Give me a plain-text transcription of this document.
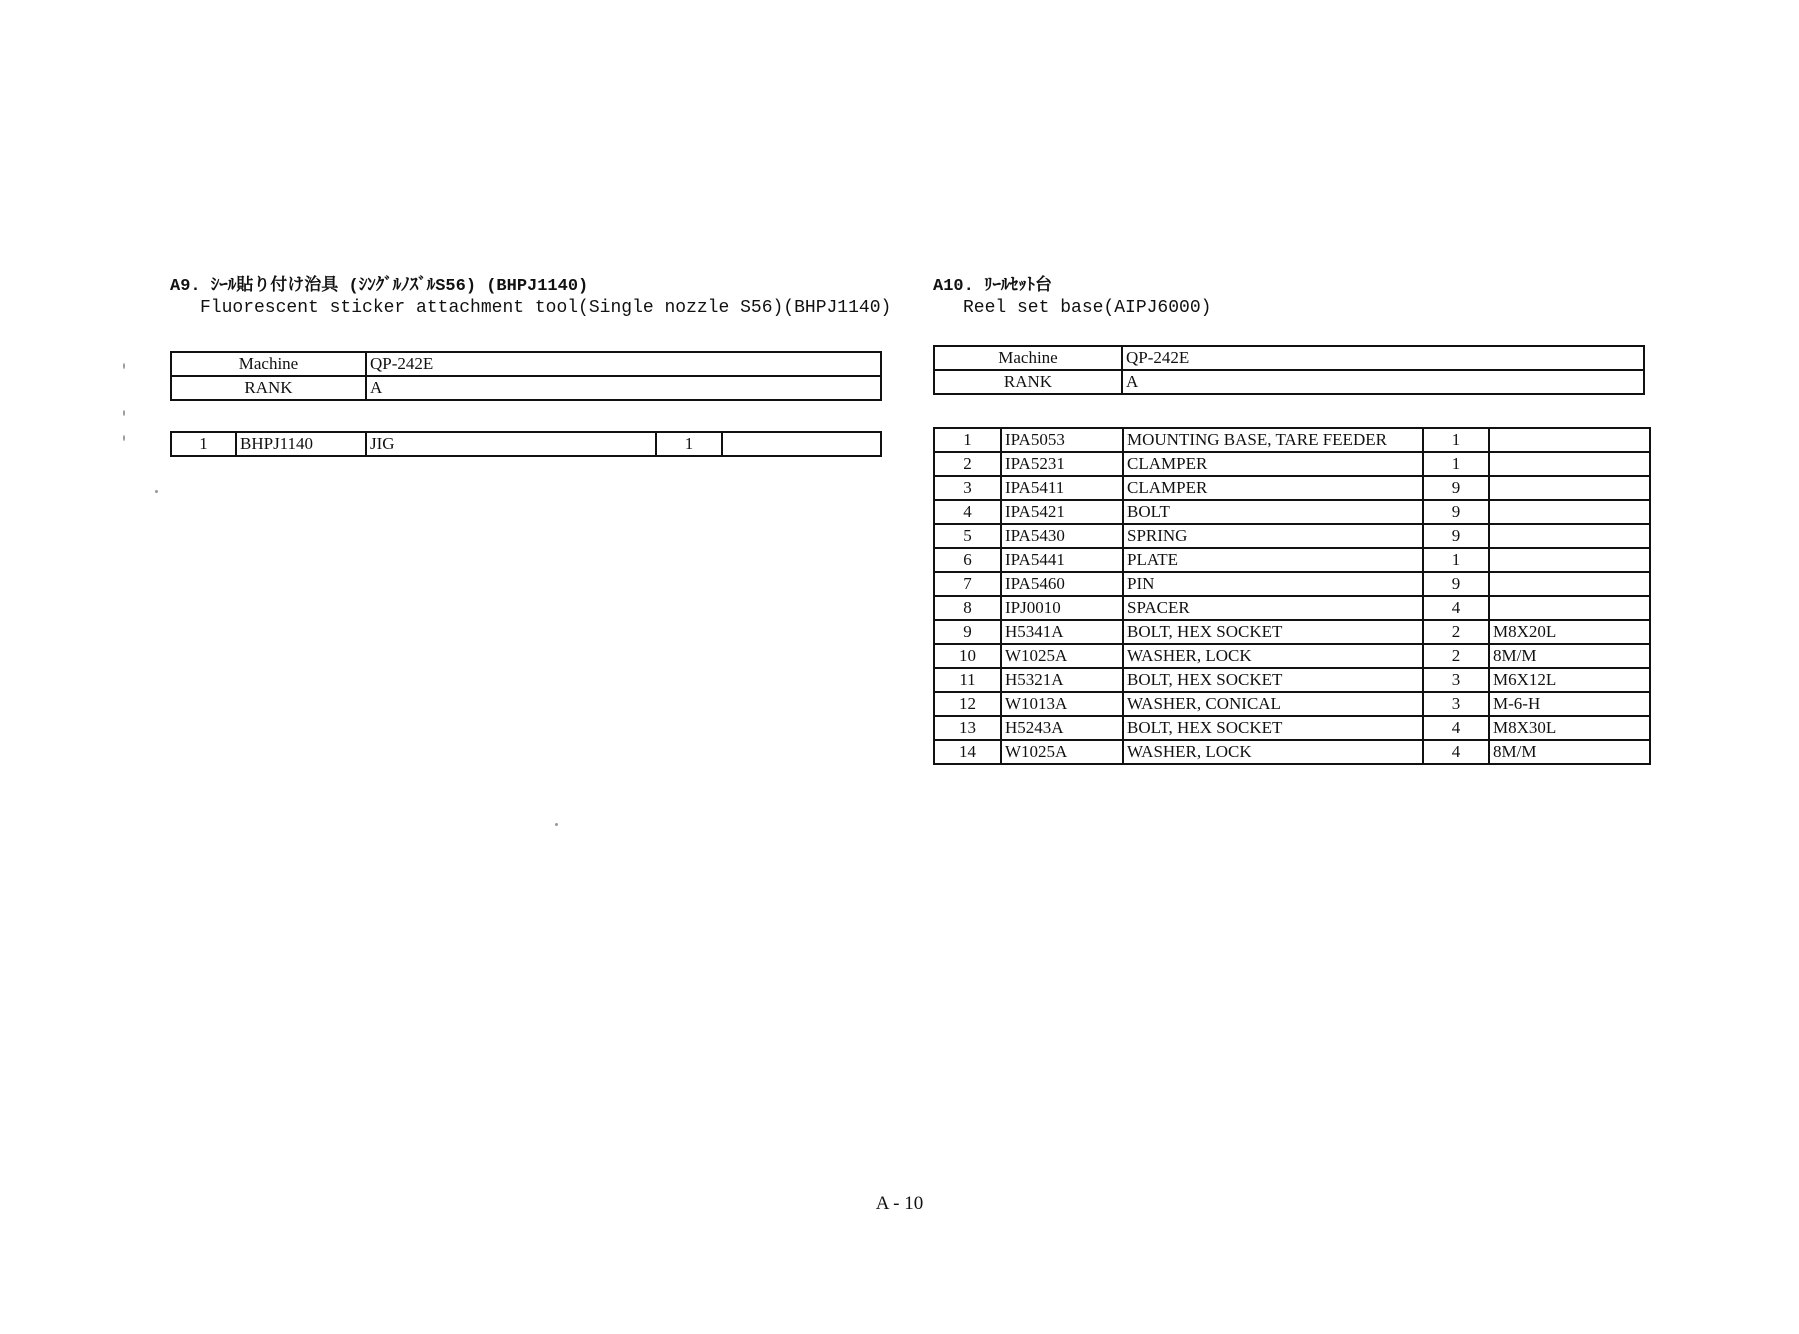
A9. ｼｰﾙ貼り付け治具 (ｼﾝｸﾞﾙﾉｽﾞﾙS56) (BHPJ1140)
Fluorescent sticker attachment tool(Single nozzle S56)(BHPJ1140)
Machine	QP-242E
RANK	A
1	BHPJ1140	JIG	1	
A10. ﾘｰﾙｾｯﾄ台
Reel set base(AIPJ6000)
Machine	QP-242E
RANK	A
1	IPA5053	MOUNTING BASE, TARE FEEDER	1	
2	IPA5231	CLAMPER	1	
3	IPA5411	CLAMPER	9	
4	IPA5421	BOLT	9	
5	IPA5430	SPRING	9	
6	IPA5441	PLATE	1	
7	IPA5460	PIN	9	
8	IPJ0010	SPACER	4	
9	H5341A	BOLT, HEX SOCKET	2	M8X20L
10	W1025A	WASHER, LOCK	2	8M/M
11	H5321A	BOLT, HEX SOCKET	3	M6X12L
12	W1013A	WASHER, CONICAL	3	M-6-H
13	H5243A	BOLT, HEX SOCKET	4	M8X30L
14	W1025A	WASHER, LOCK	4	8M/M
A - 10
